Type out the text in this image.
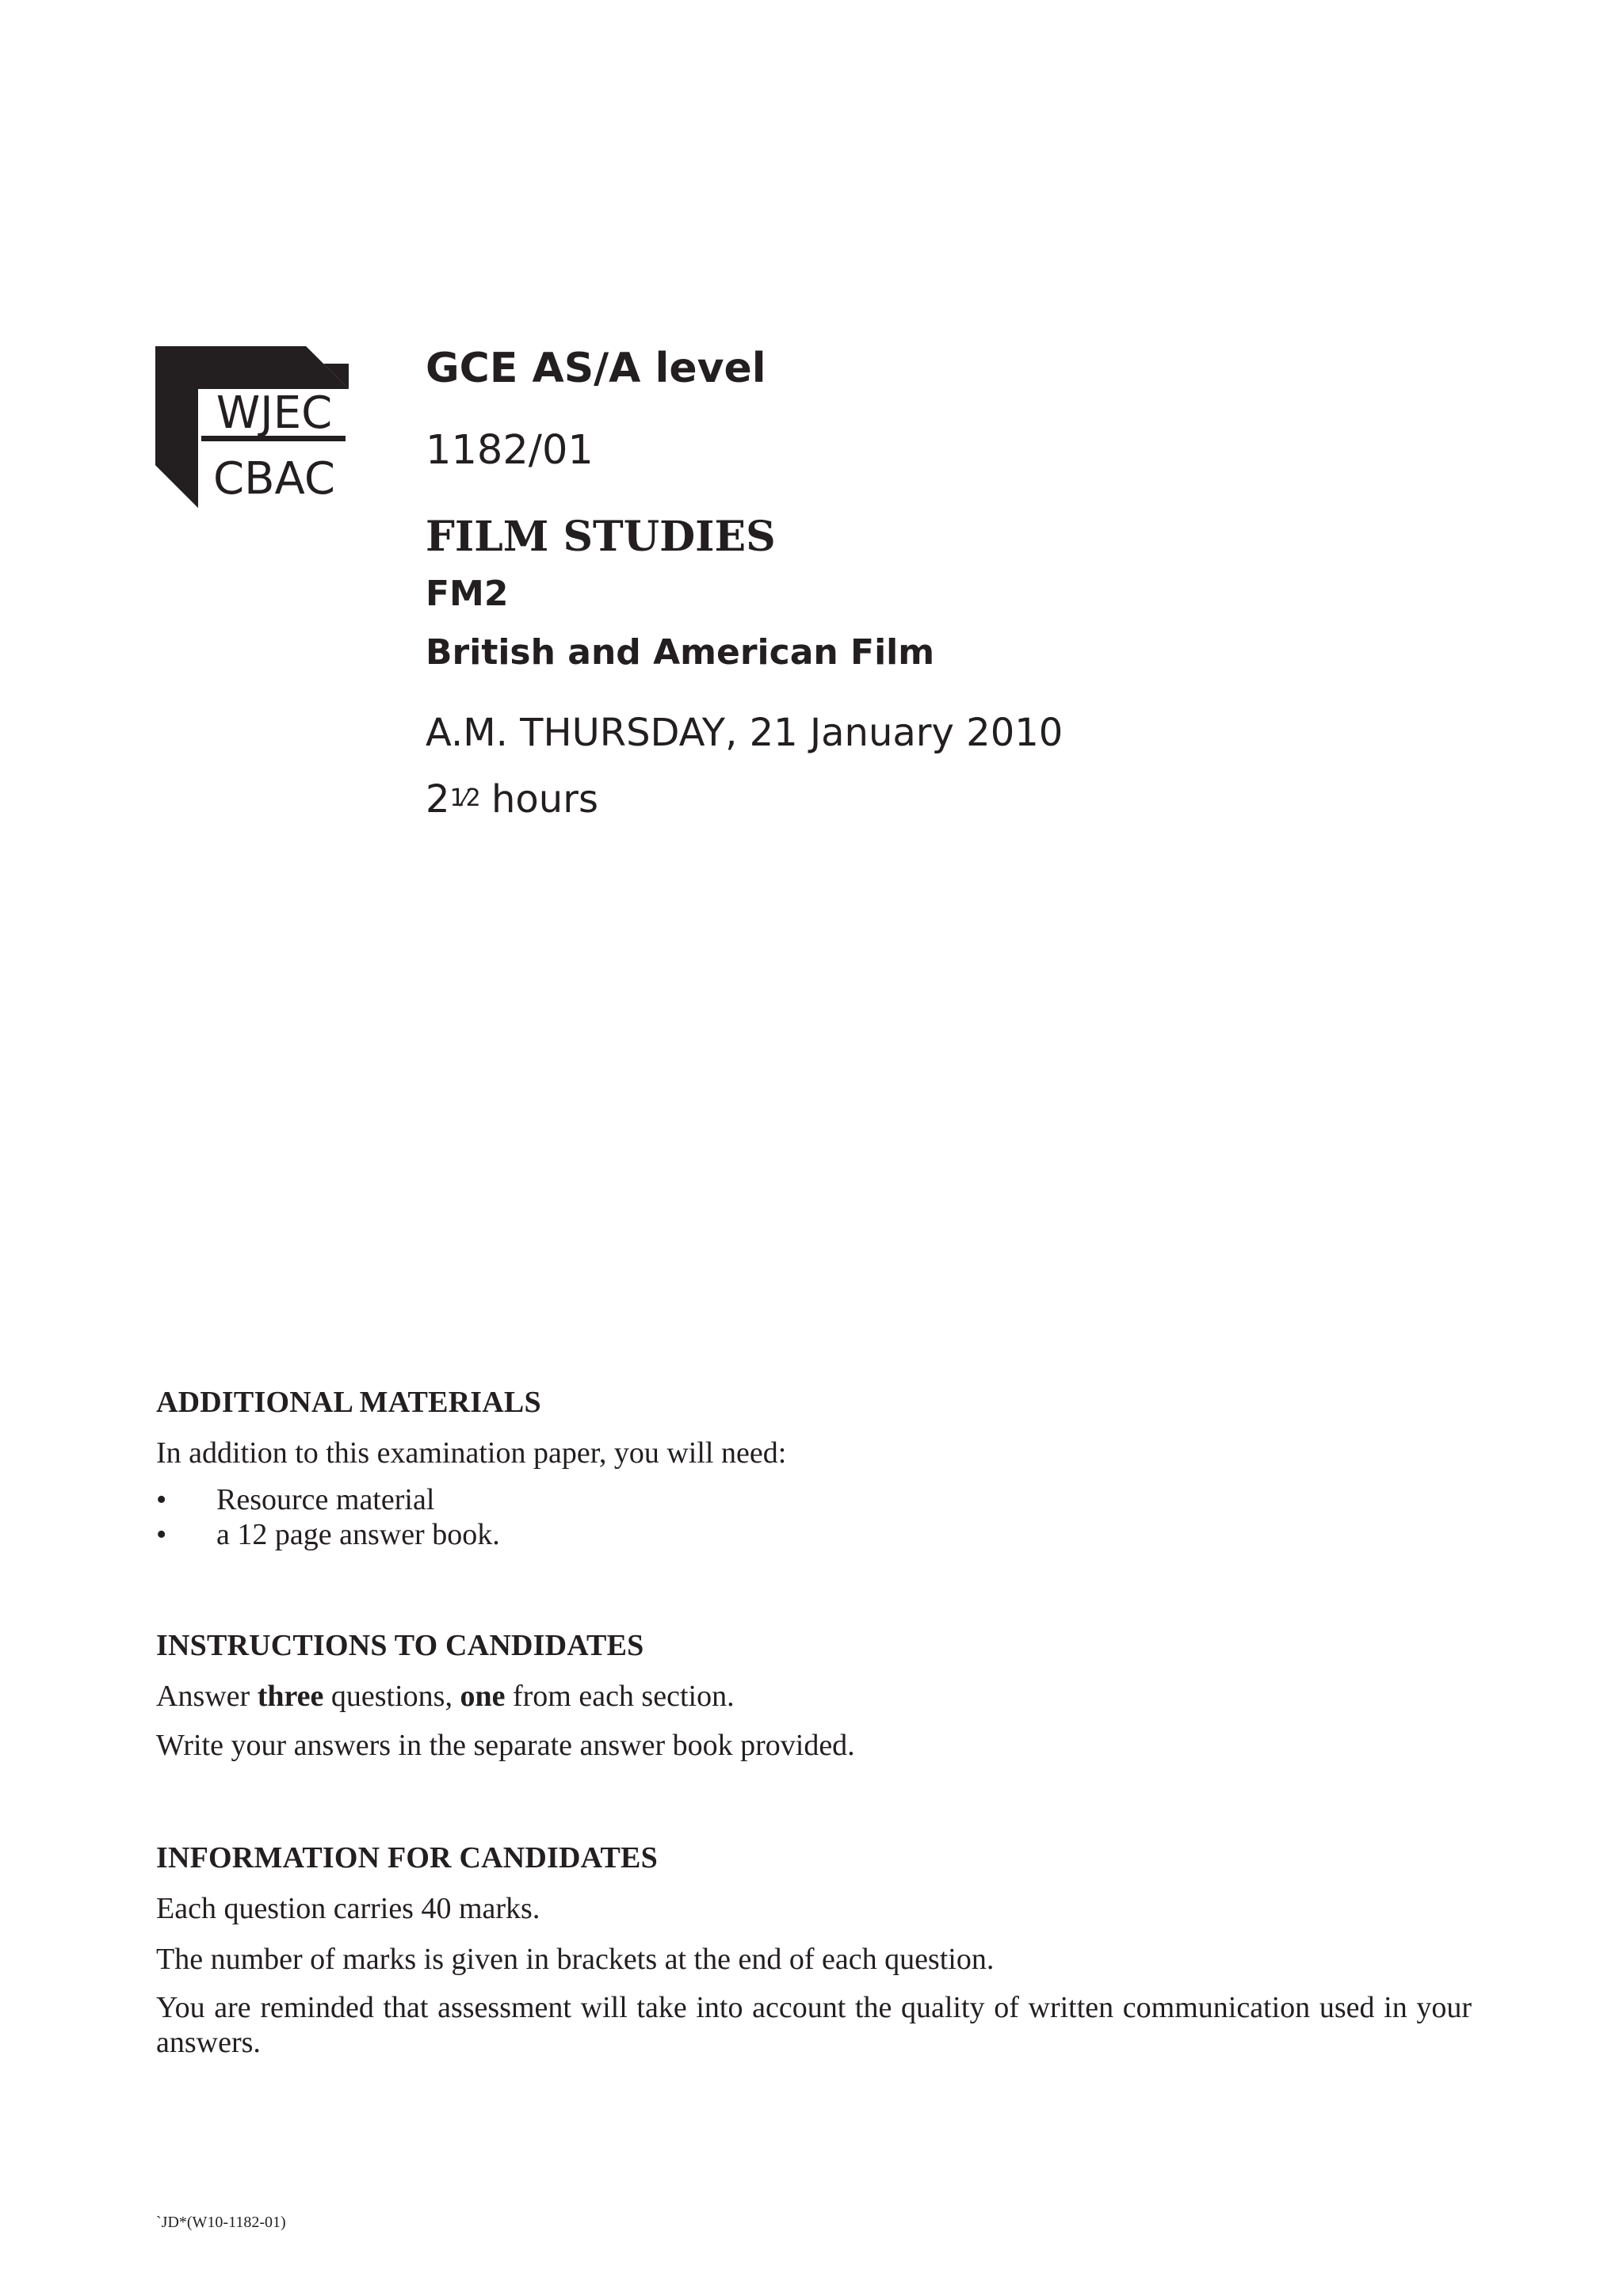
WJEC
CBAC

GCE AS/A level

1182/01

FILM STUDIES

FM2

British and American Film

A.M. THURSDAY, 21 January 2010

21⁄2 hours

ADDITIONAL MATERIALS

In addition to this examination paper, you will need:

• Resource material
• a 12 page answer book.
INSTRUCTIONS TO CANDIDATES

Answer three questions, one from each section.

Write your answers in the separate answer book provided.

INFORMATION FOR CANDIDATES

Each question carries 40 marks.

The number of marks is given in brackets at the end of each question.

You are reminded that assessment will take into account the quality of written communication used in your answers.

`JD*(W10-1182-01)
